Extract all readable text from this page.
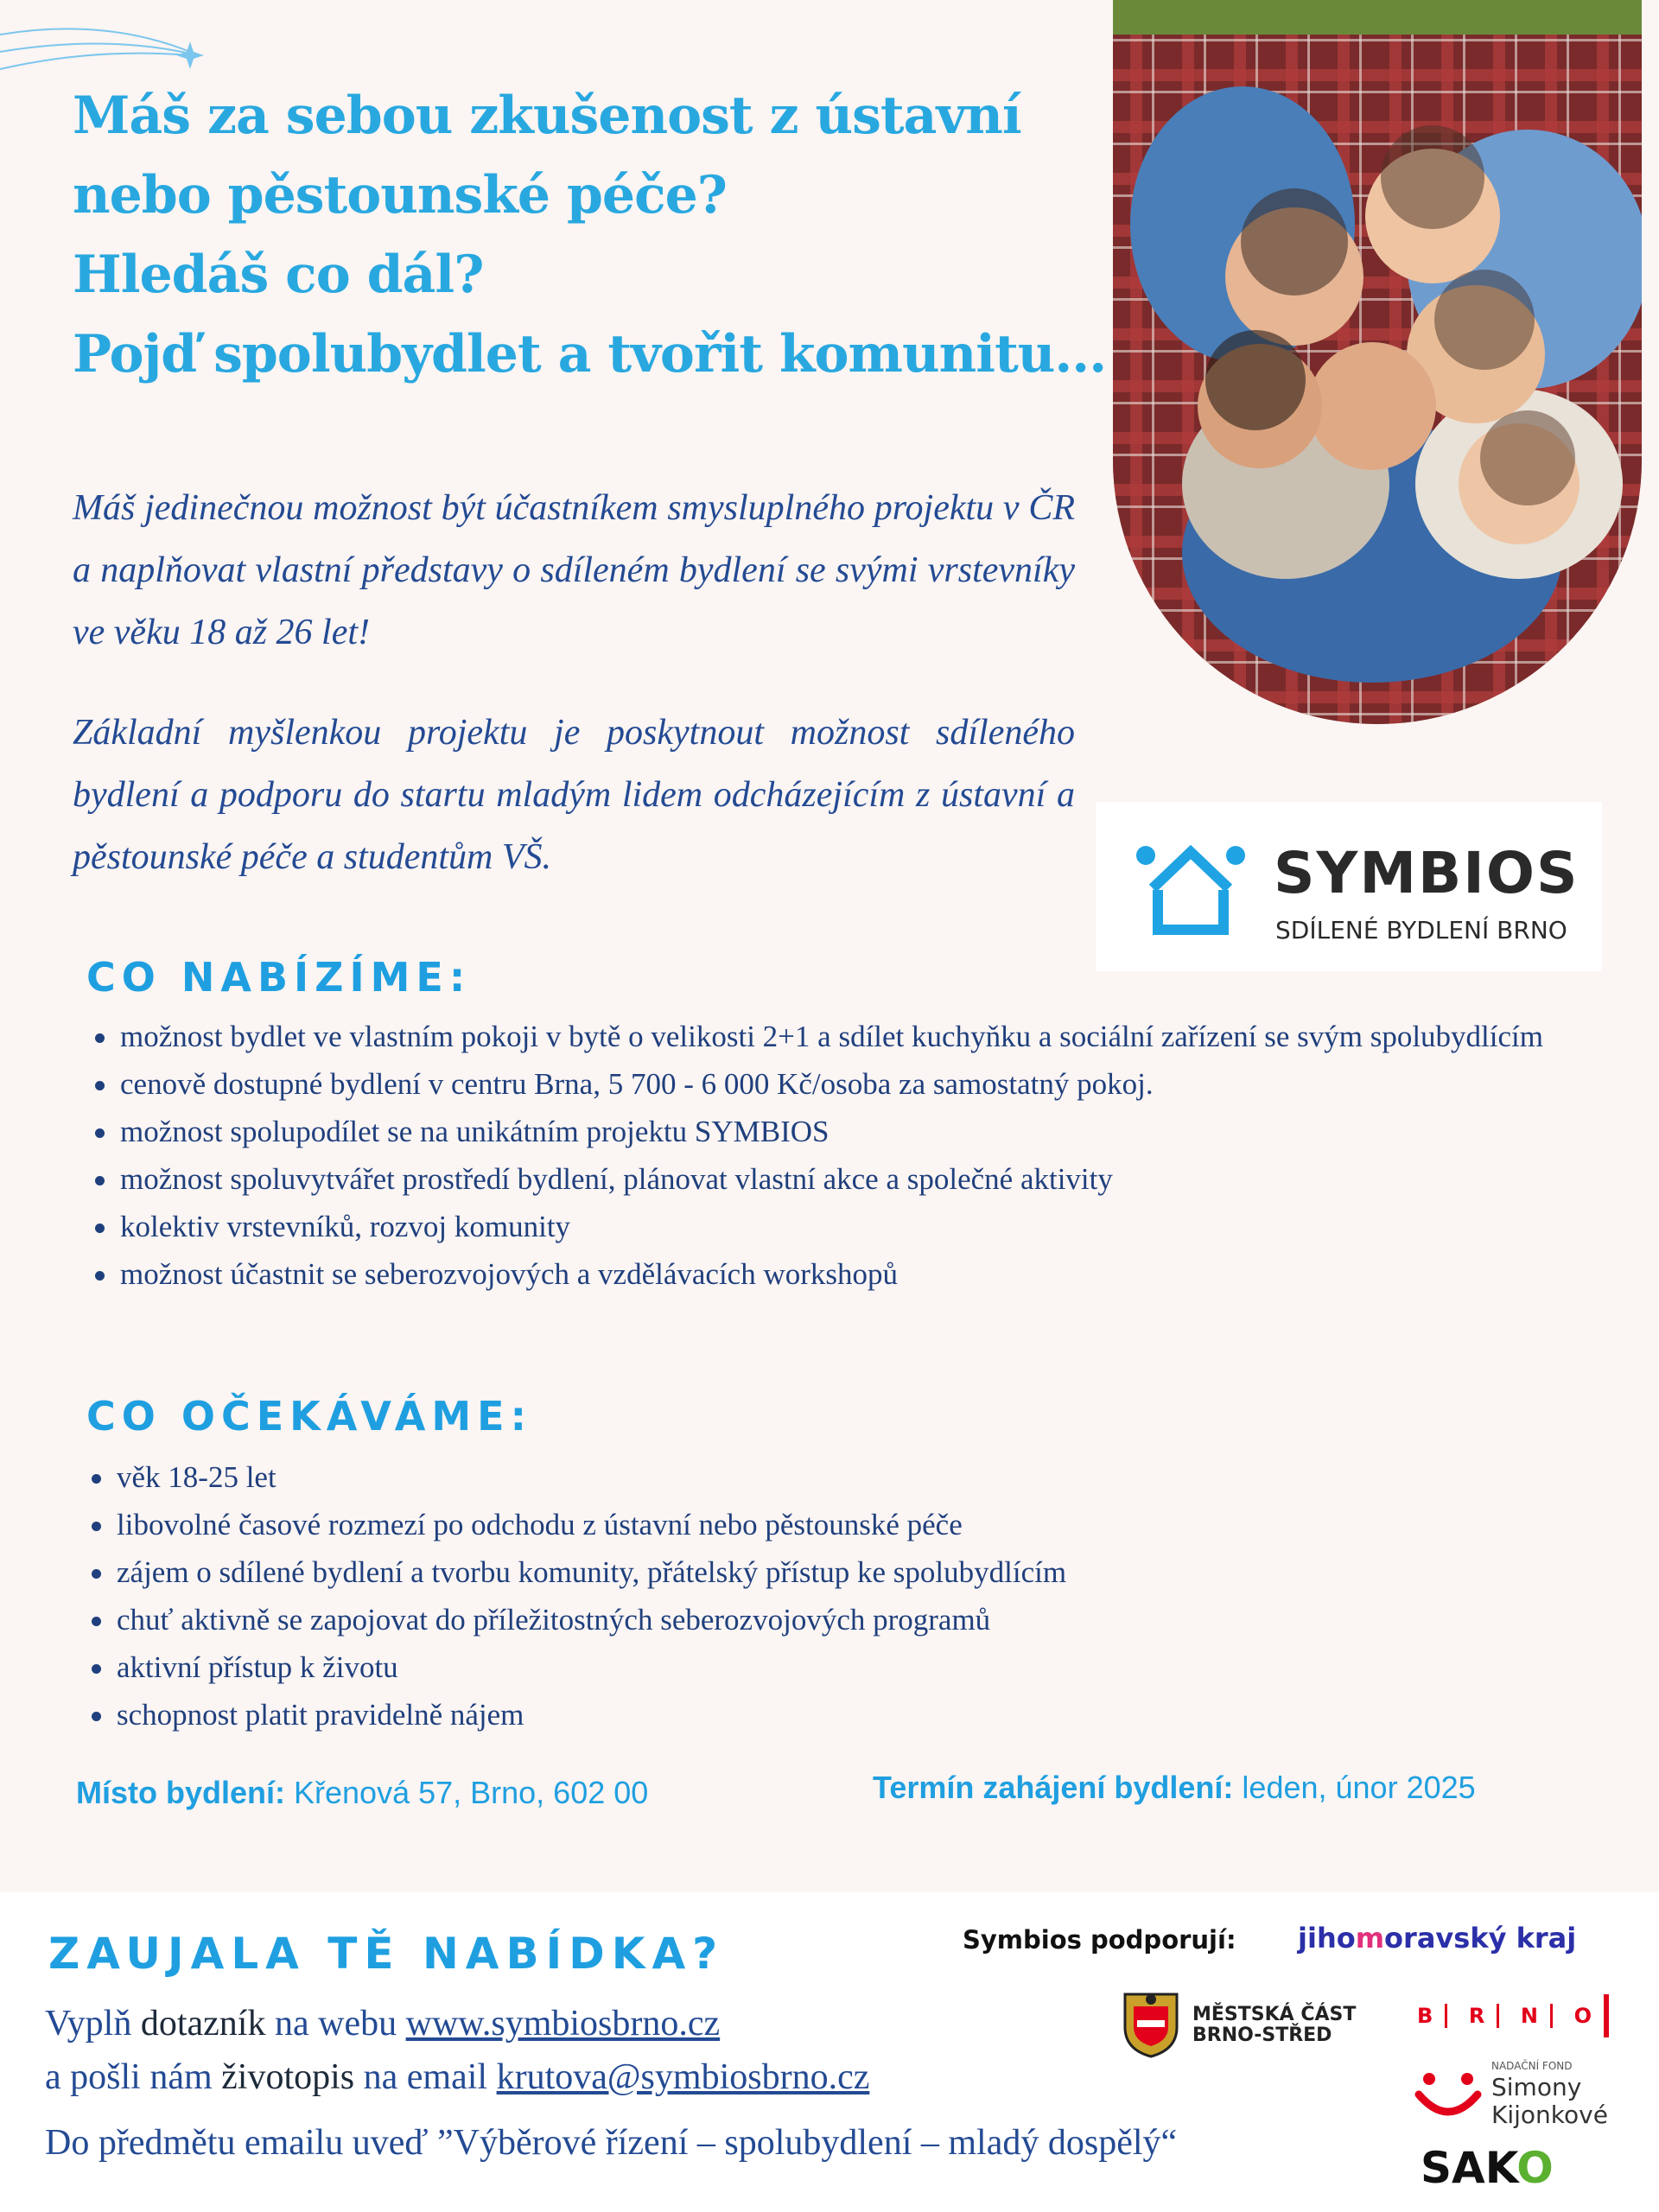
Máš za sebou zkušenost z ústavní
nebo pěstounské péče?
Hledáš co dál?
Pojď spolubydlet a tvořit komunitu...
Máš jedinečnou možnost být účastníkem smysluplného projektu v ČR a naplňovat vlastní představy o sdíleném bydlení se svými vrstevníky ve věku 18 až 26 let!
Základní myšlenkou projektu je poskytnout možnost sdíleného bydlení a podporu do startu mladým lidem odcházejícím z ústavní a pěstounské péče a studentům VŠ.	SYMBIOS
SDÍLENÉ BYDLENÍ BRNO
CO NABÍZÍME:
možnost bydlet ve vlastním pokoji v bytě o velikosti 2+1 a sdílet kuchyňku a sociální zařízení se svým spolubydlícím
cenově dostupné bydlení v centru Brna, 5 700 - 6 000 Kč/osoba za samostatný pokoj.
možnost spolupodílet se na unikátním projektu SYMBIOS
možnost spoluvytvářet prostředí bydlení, plánovat vlastní akce a společné aktivity
kolektiv vrstevníků, rozvoj komunity
možnost účastnit se seberozvojových a vzdělávacích workshopů
CO OČEKÁVÁME:
věk 18-25 let
libovolné časové rozmezí po odchodu z ústavní nebo pěstounské péče
zájem o sdílené bydlení a tvorbu komunity, přátelský přístup ke spolubydlícím
chuť aktivně se zapojovat do příležitostných seberozvojových programů
aktivní přístup k životu
schopnost platit pravidelně nájem
Místo bydlení: Křenová 57, Brno, 602 00	Termín zahájení bydlení: leden, únor 2025
ZAUJALA TĚ NABÍDKA?
Vyplň dotazník na webu www.symbiosbrno.cz
a pošli nám životopis na email krutova@symbiosbrno.cz
Do předmětu emailu uveď ”Výběrové řízení – spolubydlení – mladý dospělý“
Symbios podporují: jihomoravský kraj
MĚSTSKÁ ČÁST
BRNO-STŘED
B	R	N	O
NADAČNÍ FOND
Simony
Kijonkové
SAKO
